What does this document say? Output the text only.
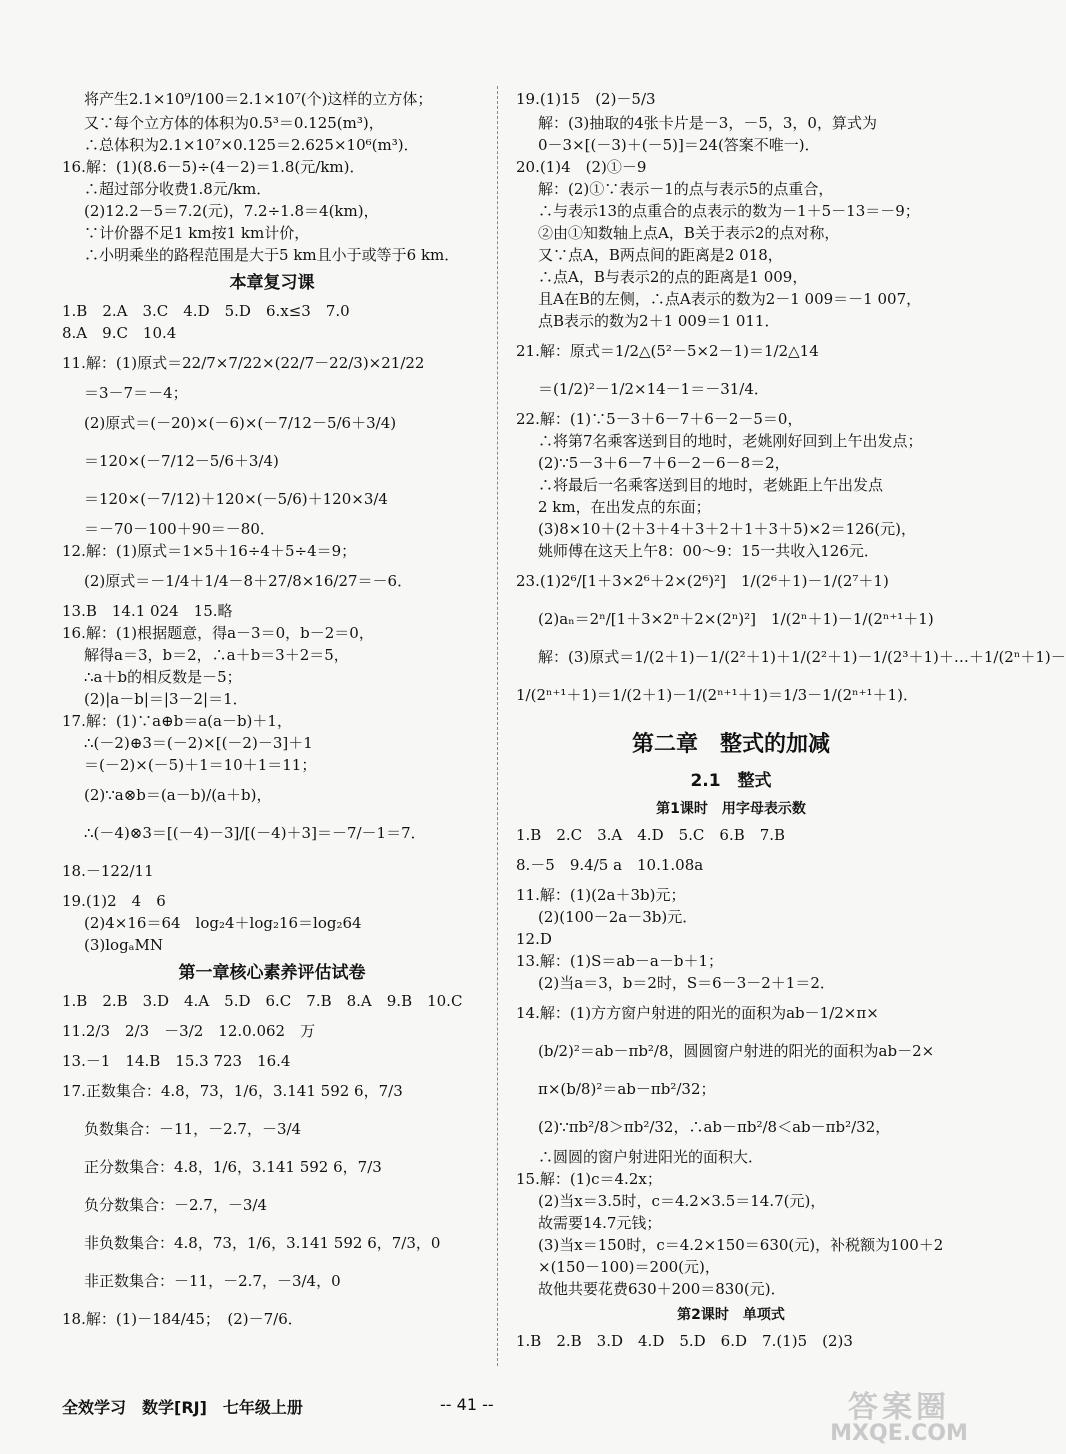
将产生2.1×10⁹/100＝2.1×10⁷(个)这样的立方体；
又∵每个立方体的体积为0.5³＝0.125(m³)，
∴总体积为2.1×10⁷×0.125＝2.625×10⁶(m³)．
16.解：(1)(8.6－5)÷(4－2)＝1.8(元/km)．
∴超过部分收费1.8元/km．
(2)12.2－5＝7.2(元)，7.2÷1.8＝4(km)，
∵计价器不足1 km按1 km计价，
∴小明乘坐的路程范围是大于5 km且小于或等于6 km．
本章复习课
1.B　2.A　3.C　4.D　5.D　6.x≤3　7.0
8.A　9.C　10.4
11.解：(1)原式＝22/7×7/22×(22/7－22/3)×21/22
＝3－7＝－4；
(2)原式＝(－20)×(－6)×(－7/12－5/6＋3/4)
＝120×(－7/12－5/6＋3/4)
＝120×(－7/12)＋120×(－5/6)＋120×3/4
＝－70－100＋90＝－80．
12.解：(1)原式＝1×5＋16÷4＋5÷4＝9；
(2)原式＝－1/4＋1/4－8＋27/8×16/27＝－6．
13.B　14.1 024　15.略
16.解：(1)根据题意，得a－3＝0，b－2＝0，
解得a＝3，b＝2，∴a＋b＝3＋2＝5，
∴a＋b的相反数是－5；
(2)|a－b|＝|3－2|＝1．
17.解：(1)∵a⊕b＝a(a－b)＋1，
∴(－2)⊕3＝(－2)×[(－2)－3]＋1
＝(－2)×(－5)＋1＝10＋1＝11；
(2)∵a⊗b＝(a－b)/(a＋b)，
∴(－4)⊗3＝[(－4)－3]/[(－4)＋3]＝－7/－1＝7．
18.－122/11
19.(1)2　4　6
(2)4×16＝64　log₂4＋log₂16＝log₂64
(3)logₐMN
第一章核心素养评估试卷
1.B　2.B　3.D　4.A　5.D　6.C　7.B　8.A　9.B　10.C
11.2/3　2/3　－3/2　12.0.062　万
13.－1　14.B　15.3 723　16.4
17.正数集合：4.8，73，1/6，3.141 592 6，7/3
负数集合：－11，－2.7，－3/4
正分数集合：4.8，1/6，3.141 592 6，7/3
负分数集合：－2.7，－3/4
非负数集合：4.8，73，1/6，3.141 592 6，7/3，0
非正数集合：－11，－2.7，－3/4，0
18.解：(1)－184/45；　(2)－7/6．
19.(1)15　(2)－5/3
解：(3)抽取的4张卡片是－3，－5，3，0，算式为
0－3×[(－3)＋(－5)]＝24(答案不唯一)．
20.(1)4　(2)①－9
解：(2)①∵表示－1的点与表示5的点重合，
∴与表示13的点重合的点表示的数为－1＋5－13＝－9；
②由①知数轴上点A，B关于表示2的点对称，
又∵点A，B两点间的距离是2 018，
∴点A，B与表示2的点的距离是1 009，
且A在B的左侧，∴点A表示的数为2－1 009＝－1 007，
点B表示的数为2＋1 009＝1 011．
21.解：原式＝1/2△(5²－5×2－1)＝1/2△14
＝(1/2)²－1/2×14－1＝－31/4．
22.解：(1)∵5－3＋6－7＋6－2－5＝0，
∴将第7名乘客送到目的地时，老姚刚好回到上午出发点；
(2)∵5－3＋6－7＋6－2－6－8＝2，
∴将最后一名乘客送到目的地时，老姚距上午出发点
2 km，在出发点的东面；
(3)8×10＋(2＋3＋4＋3＋2＋1＋3＋5)×2＝126(元)，
姚师傅在这天上午8：00～9：15一共收入126元．
23.(1)2⁶/[1＋3×2⁶＋2×(2⁶)²]　1/(2⁶＋1)－1/(2⁷＋1)
(2)aₙ＝2ⁿ/[1＋3×2ⁿ＋2×(2ⁿ)²]　1/(2ⁿ＋1)－1/(2ⁿ⁺¹＋1)
解：(3)原式＝1/(2＋1)－1/(2²＋1)＋1/(2²＋1)－1/(2³＋1)＋…＋1/(2ⁿ＋1)－
1/(2ⁿ⁺¹＋1)＝1/(2＋1)－1/(2ⁿ⁺¹＋1)＝1/3－1/(2ⁿ⁺¹＋1)．
第二章　整式的加减
2.1　整式
第1课时　用字母表示数
1.B　2.C　3.A　4.D　5.C　6.B　7.B
8.－5　9.4/5 a　10.1.08a
11.解：(1)(2a＋3b)元；
(2)(100－2a－3b)元．
12.D
13.解：(1)S＝ab－a－b＋1；
(2)当a＝3，b＝2时，S＝6－3－2＋1＝2．
14.解：(1)方方窗户射进的阳光的面积为ab－1/2×π×
(b/2)²＝ab－πb²/8，圆圆窗户射进的阳光的面积为ab－2×
π×(b/8)²＝ab－πb²/32；
(2)∵πb²/8＞πb²/32，∴ab－πb²/8＜ab－πb²/32，
∴圆圆的窗户射进阳光的面积大．
15.解：(1)c＝4.2x；
(2)当x＝3.5时，c＝4.2×3.5＝14.7(元)，
故需要14.7元钱；
(3)当x＝150时，c＝4.2×150＝630(元)，补税额为100＋2
×(150－100)＝200(元)，
故他共要花费630＋200＝830(元)．
第2课时　单项式
1.B　2.B　3.D　4.D　5.D　6.D　7.(1)5　(2)3
全效学习　数学[RJ]　七年级上册	-- 41 --	答案圈
MXQE.COM
